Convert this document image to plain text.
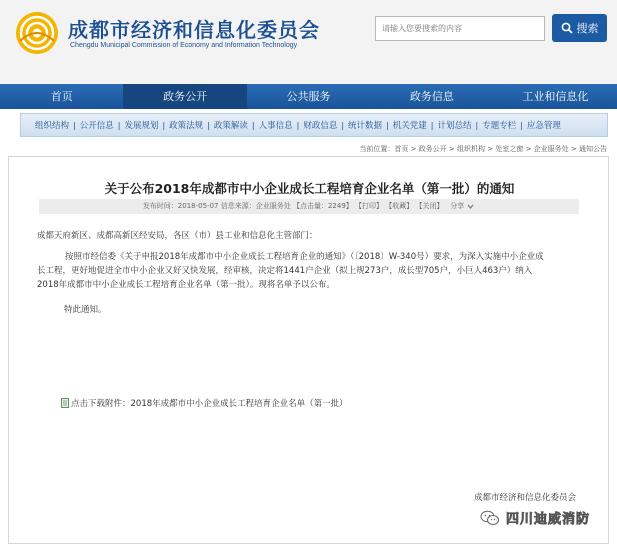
成都市经济和信息化委员会
Chengdu Municipal Commission of Economy and Information Technology
请输入您要搜索的内容
搜索
首页	政务公开	公共服务	政务信息	工业和信息化
组织结构 | 公开信息 | 发展规划 | 政策法规 | 政策解读 | 人事信息 | 财政信息 | 统计数据 | 机关党建 | 计划总结 | 专题专栏 | 应急管理
当前位置：首页 > 政务公开 > 组织机构 > 处室之窗 > 企业服务处 > 通知公告
关于公布2018年成都市中小企业成长工程培育企业名单（第一批）的通知
发布时间：2018-05-07 信息来源：企业服务处 【点击量：2249】 【打印】 【收藏】 【关闭】 分享
成都天府新区、成都高新区经安局，各区（市）县工业和信息化主管部门：
按照市经信委《关于申报2018年成都市中小企业成长工程培育企业的通知》（〔2018〕W-340号）要求，为深入实施中小企业成长工程，更好地促进全市中小企业又好又快发展，经审核，决定将1441户企业（拟上规273户，成长型705户，小巨人463户）纳入2018年成都市中小企业成长工程培育企业名单（第一批）。现将名单予以公布。
特此通知。
点击下载附件：2018年成都市中小企业成长工程培育企业名单（第一批）
成都市经济和信息化委员会
四川迪威消防
